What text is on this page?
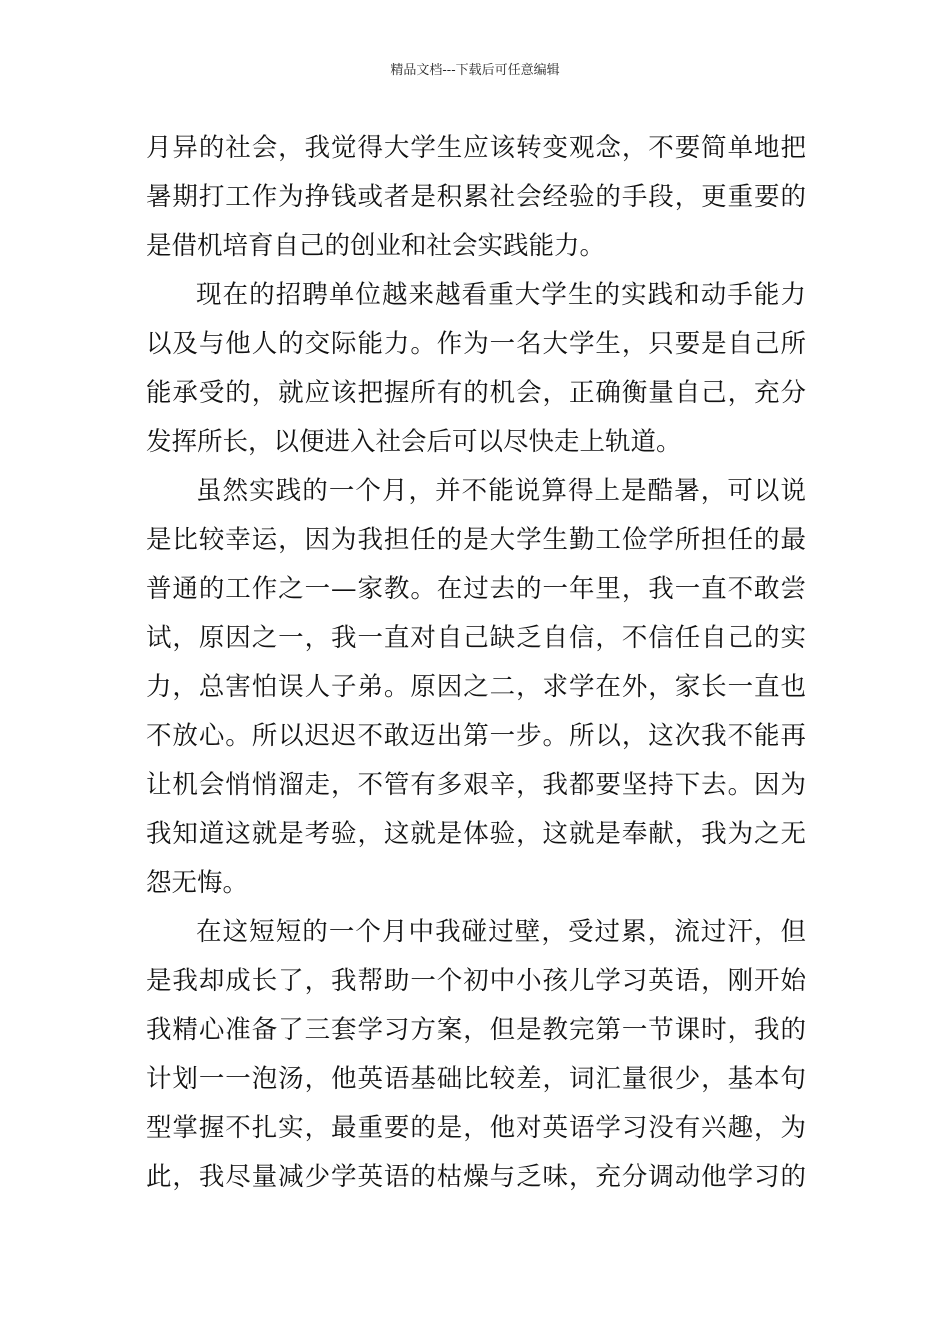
精品文档---下载后可任意编辑
月异的社会，我觉得大学生应该转变观念，不要简单地把
暑期打工作为挣钱或者是积累社会经验的手段，更重要的
是借机培育自己的创业和社会实践能力。
现在的招聘单位越来越看重大学生的实践和动手能力
以及与他人的交际能力。作为一名大学生，只要是自己所
能承受的，就应该把握所有的机会，正确衡量自己，充分
发挥所长，以便进入社会后可以尽快走上轨道。
虽然实践的一个月，并不能说算得上是酷暑，可以说
是比较幸运，因为我担任的是大学生勤工俭学所担任的最
普通的工作之一—家教。在过去的一年里，我一直不敢尝
试，原因之一，我一直对自己缺乏自信，不信任自己的实
力，总害怕误人子弟。原因之二，求学在外，家长一直也
不放心。所以迟迟不敢迈出第一步。所以，这次我不能再
让机会悄悄溜走，不管有多艰辛，我都要坚持下去。因为
我知道这就是考验，这就是体验，这就是奉献，我为之无
怨无悔。
在这短短的一个月中我碰过壁，受过累，流过汗，但
是我却成长了，我帮助一个初中小孩儿学习英语，刚开始
我精心准备了三套学习方案，但是教完第一节课时，我的
计划一一泡汤，他英语基础比较差，词汇量很少，基本句
型掌握不扎实，最重要的是，他对英语学习没有兴趣，为
此，我尽量减少学英语的枯燥与乏味，充分调动他学习的
